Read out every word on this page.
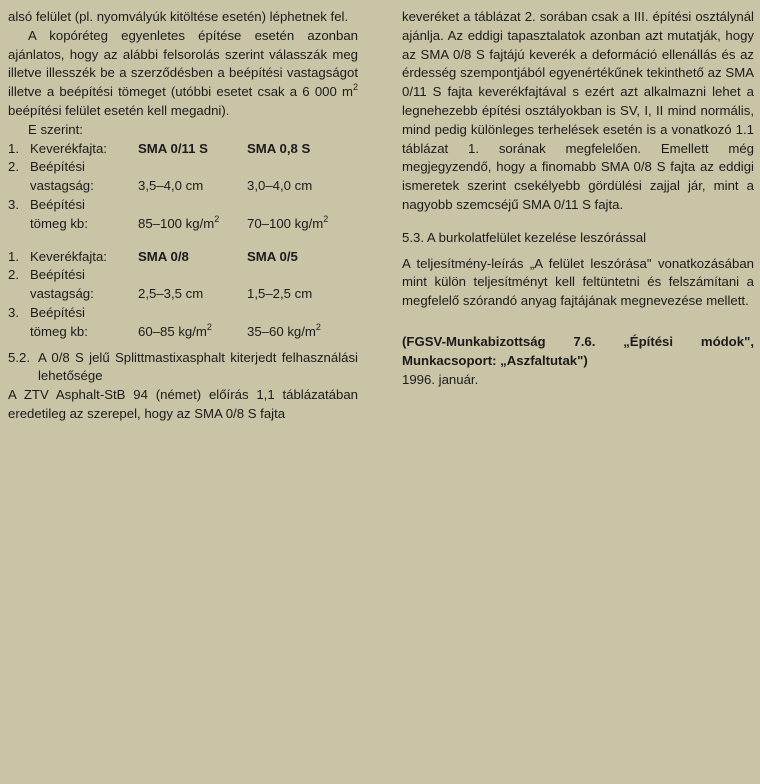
alsó felület (pl. nyomvályúk kitöltése esetén) léphetnek fel.

A kopóréteg egyenletes építése esetén azonban ajánlatos, hogy az alábbi felsorolás szerint válasszák meg illetve illesszék be a szerződésben a beépítési vastagságot illetve a beépítési tömeget (utóbbi esetet csak a 6 000 $m^2$ beépítési felület esetén kell megadni).

E szerint:

1. Keverékfajta:	SMA 0/11 S	SMA 0,8 S
2. Beépítési
vastagság:	3,5–4,0 cm	3,0–4,0 cm
3. Beépítési
tömeg kb:	85–100 $kg/m^2$	70–100 $kg/m^2$
1. Keverékfajta:	SMA 0/8	SMA 0/5
2. Beépítési
vastagság:	2,5–3,5 cm	1,5–2,5 cm
3. Beépítési
tömeg kb:	60–85 $kg/m^2$	35–60 $kg/m^2$
5.2. A 0/8 S jelű Splittmastixasphalt kiterjedt felhasználási lehetősége

A ZTV Asphalt-StB 94 (német) előírás 1,1 táblázatában eredetileg az szerepel, hogy az SMA 0/8 S fajta

keveréket a táblázat 2. sorában csak a III. építési osztálynál ajánlja. Az eddigi tapasztalatok azonban azt mutatják, hogy az SMA 0/8 S fajtájú keverék a deformáció ellenállás és az érdesség szempontjából egyenértékűnek tekinthető az SMA 0/11 S fajta keverékfajtával s ezért azt alkalmazni lehet a legnehezebb építési osztályokban is SV, I, II mind normális, mind pedig különleges terhelések esetén is a vonatkozó 1.1 táblázat 1. sorának megfelelően. Emellett még megjegyzendő, hogy a finomabb SMA 0/8 S fajta az eddigi ismeretek szerint csekélyebb gördülési zajjal jár, mint a nagyobb szemcséjű SMA 0/11 S fajta.

5.3. A burkolatfelület kezelése leszórással

A teljesítmény-leírás „A felület leszórása" vonatkozásában mint külön teljesítményt kell feltüntetni és felszámítani a megfelelő szórandó anyag fajtájának megnevezése mellett.

(FGSV-Munkabizottság 7.6. „Építési módok", Munkacsoport: „Aszfaltutak")

1996. január.
